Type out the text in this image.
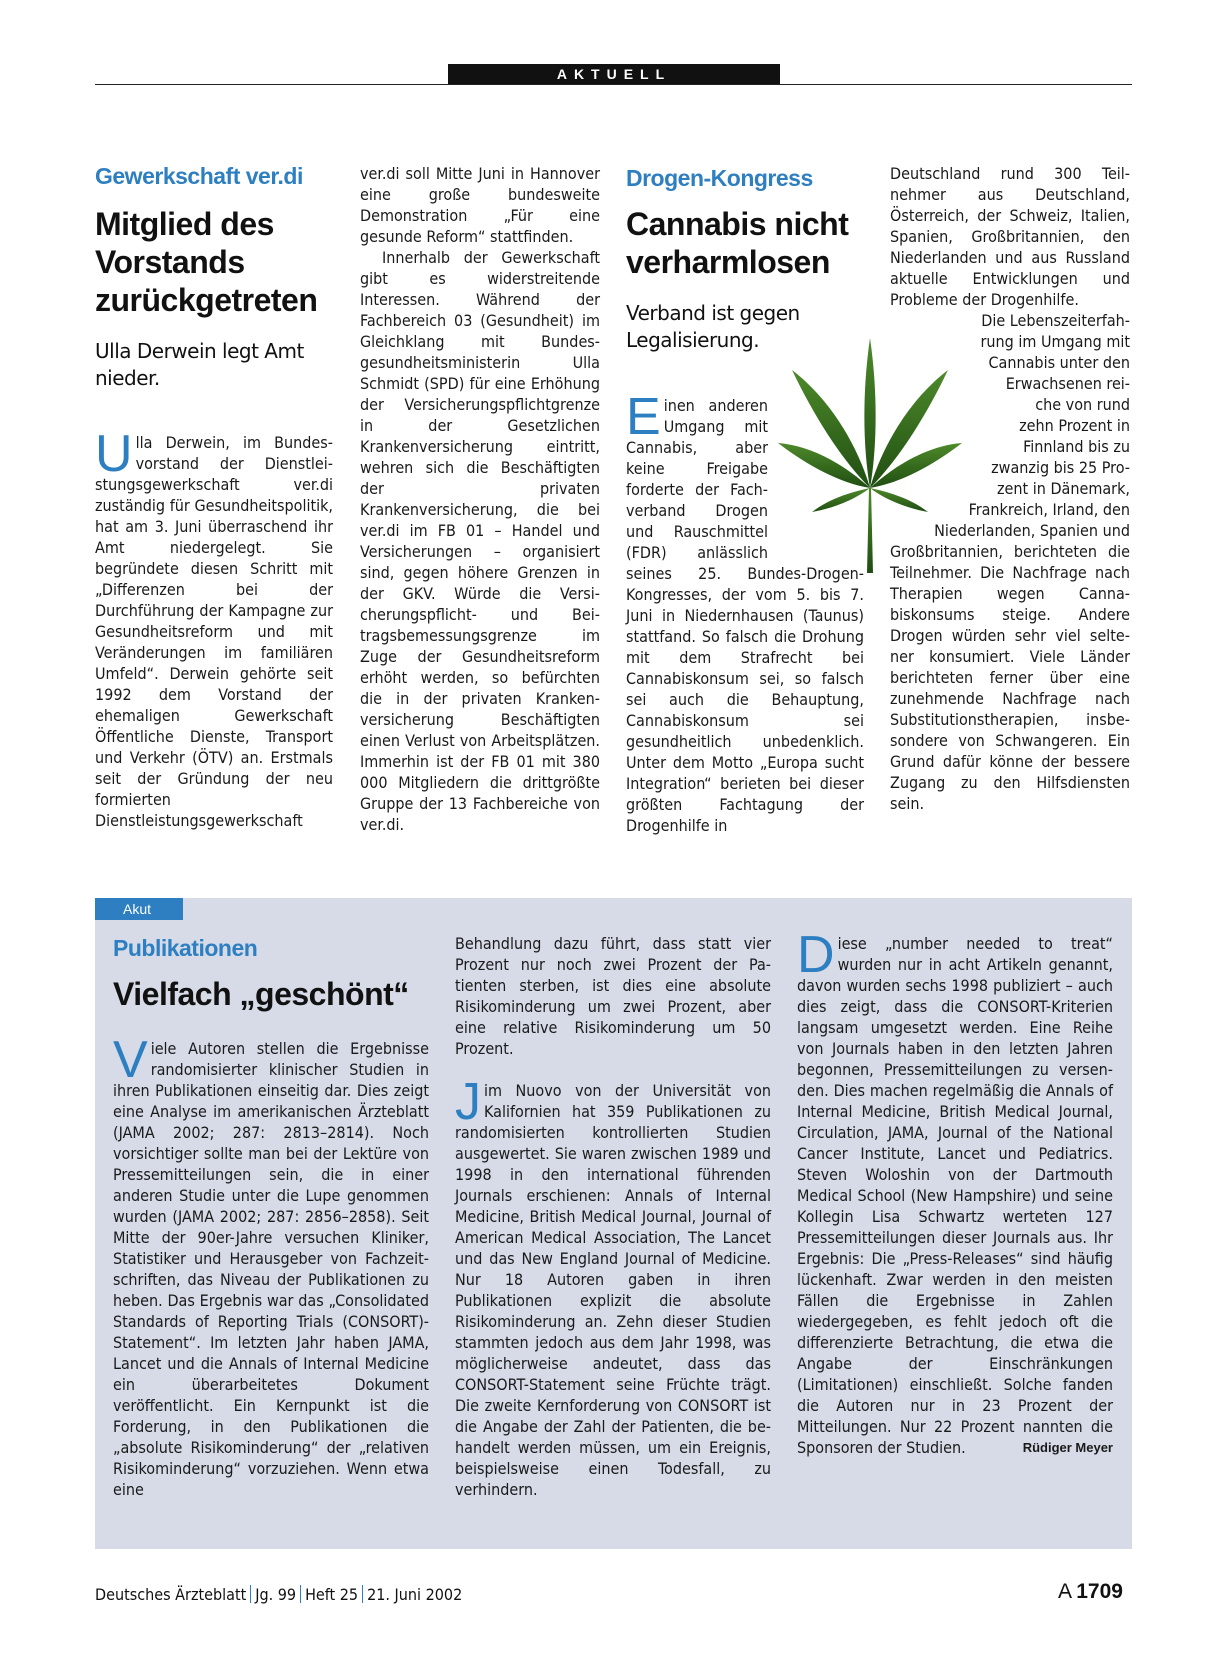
AKTUELL
Gewerkschaft ver.di
Mitglied des Vorstands zurückgetreten
Ulla Derwein legt Amt nieder.
Ulla Derwein, im Bundesvorstand der Dienstleistungsgewerkschaft ver.di zuständig für Gesundheitspolitik, hat am 3. Juni überraschend ihr Amt niedergelegt. Sie begründete diesen Schritt mit „Differenzen bei der Durchführung der Kampagne zur Gesundheitsreform und mit Veränderungen im familiären Umfeld“. Derwein gehörte seit 1992 dem Vorstand der ehemaligen Gewerkschaft Öffentliche Dienste, Transport und Verkehr (ÖTV) an. Erstmals seit der Gründung der neu formierten Dienstleistungsgewerkschaft

ver.di soll Mitte Juni in Hannover eine große bundesweite Demonstration „Für eine gesunde Reform“ stattfinden.

Innerhalb der Gewerkschaft gibt es widerstreitende Interessen. Während der Fachbereich 03 (Gesundheit) im Gleichklang mit Bundesgesundheitsministerin Ulla Schmidt (SPD) für eine Erhöhung der Versicherungspflichtgrenze in der Gesetzlichen Krankenversicherung eintritt, wehren sich die Beschäftigten der privaten Krankenversicherung, die bei ver.di im FB 01 – Handel und Versicherungen – organisiert sind, gegen höhere Grenzen in der GKV. Würde die Versicherungspflicht- und Beitragsbemessungsgrenze im Zuge der Gesundheitsreform erhöht werden, so befürchten die in der privaten Krankenversicherung Beschäftigten einen Verlust von Arbeitsplätzen. Immerhin ist der FB 01 mit 380 000 Mitgliedern die drittgrößte Gruppe der 13 Fachbereiche von ver.di.

Drogen-Kongress
Cannabis nicht verharmlosen
Verband ist gegen Legalisierung.
E inen anderen
Umgang mit
Cannabis, aber
keine Freigabe
forderte der Fach-
verband Drogen
und Rauschmittel
(FDR) anlässlich
seines 25. Bundes-Drogen-Kongresses, der vom 5. bis 7. Juni in Niedernhausen (Taunus) stattfand. So falsch die Drohung mit dem Strafrecht bei Cannabiskonsum sei, so falsch sei auch die Behauptung, Cannabiskonsum sei gesundheitlich unbedenklich. Unter dem Motto „Europa sucht Integration“ berieten bei dieser größten Fachtagung der Drogenhilfe in

Deutschland rund 300 Teilnehmer aus Deutschland, Österreich, der Schweiz, Italien, Spanien, Großbritannien, den Niederlanden und aus Russland aktuelle Entwicklungen und Probleme der Drogenhilfe.

Die Lebenszeiterfah-
rung im Umgang mit
Cannabis unter den
Erwachsenen rei-
che von rund
zehn Prozent in
Finnland bis zu
zwanzig bis 25 Pro-
zent in Dänemark,
Frankreich, Irland, den
Niederlanden, Spanien und

Großbritannien, berichteten die Teilnehmer. Die Nachfrage nach Therapien wegen Cannabiskonsums steige. Andere Drogen würden sehr viel seltener konsumiert. Viele Länder berichteten ferner über eine zunehmende Nachfrage nach Substitutionstherapien, insbesondere von Schwangeren. Ein Grund dafür könne der bessere Zugang zu den Hilfsdiensten sein.

Akut
Publikationen
Vielfach „geschönt“
Viele Autoren stellen die Ergebnisse randomisierter klinischer Studien in ihren Publikationen einseitig dar. Dies zeigt eine Analyse im amerikanischen Ärzteblatt (JAMA 2002; 287: 2813–2814). Noch vorsichtiger sollte man bei der Lektüre von Pressemitteilungen sein, die in einer anderen Studie unter die Lupe genommen wurden (JAMA 2002; 287: 2856–2858). Seit Mitte der 90er-Jahre versuchen Kliniker, Statistiker und Herausgeber von Fachzeitschriften, das Niveau der Publikationen zu heben. Das Ergebnis war das „Consolidated Standards of Reporting Trials (CONSORT)-Statement“. Im letzten Jahr haben JAMA, Lancet und die Annals of Internal Medicine ein überarbeitetes Dokument veröffentlicht. Ein Kernpunkt ist die Forderung, in den Publikationen die „absolute Risikominderung“ der „relativen Risikominderung“ vorzuziehen. Wenn etwa eine

Behandlung dazu führt, dass statt vier Prozent nur noch zwei Prozent der Patienten sterben, ist dies eine absolute Risikominderung um zwei Prozent, aber eine relative Risikominderung um 50 Prozent.

Jim Nuovo von der Universität von Kalifornien hat 359 Publikationen zu randomisierten kontrollierten Studien ausgewertet. Sie waren zwischen 1989 und 1998 in den international führenden Journals erschienen: Annals of Internal Medicine, British Medical Journal, Journal of American Medical Association, The Lancet und das New England Journal of Medicine. Nur 18 Autoren gaben in ihren Publikationen explizit die absolute Risikominderung an. Zehn dieser Studien stammten jedoch aus dem Jahr 1998, was möglicherweise andeutet, dass das CONSORT-Statement seine Früchte trägt. Die zweite Kernforderung von CONSORT ist die Angabe der Zahl der Patienten, die behandelt werden müssen, um ein Ereignis, beispielsweise einen Todesfall, zu verhindern.

Diese „number needed to treat“ wurden nur in acht Artikeln genannt, davon wurden sechs 1998 publiziert – auch dies zeigt, dass die CONSORT-Kriterien langsam umgesetzt werden. Eine Reihe von Journals haben in den letzten Jahren begonnen, Pressemitteilungen zu versenden. Dies machen regelmäßig die Annals of Internal Medicine, British Medical Journal, Circulation, JAMA, Journal of the National Cancer Institute, Lancet und Pediatrics. Steven Woloshin von der Dartmouth Medical School (New Hampshire) und seine Kollegin Lisa Schwartz werteten 127 Pressemitteilungen dieser Journals aus. Ihr Ergebnis: Die „Press-Releases“ sind häufig lückenhaft. Zwar werden in den meisten Fällen die Ergebnisse in Zahlen wiedergegeben, es fehlt jedoch oft die differenzierte Betrachtung, die etwa die Angabe der Einschränkungen (Limitationen) einschließt. Solche fanden die Autoren nur in 23 Prozent der Mitteilungen. Nur 22 Prozent nannten die Sponsoren der Studien.	Rüdiger Meyer
Deutsches Ärzteblatt Jg. 99 Heft 25 21. Juni 2002	A  1709
